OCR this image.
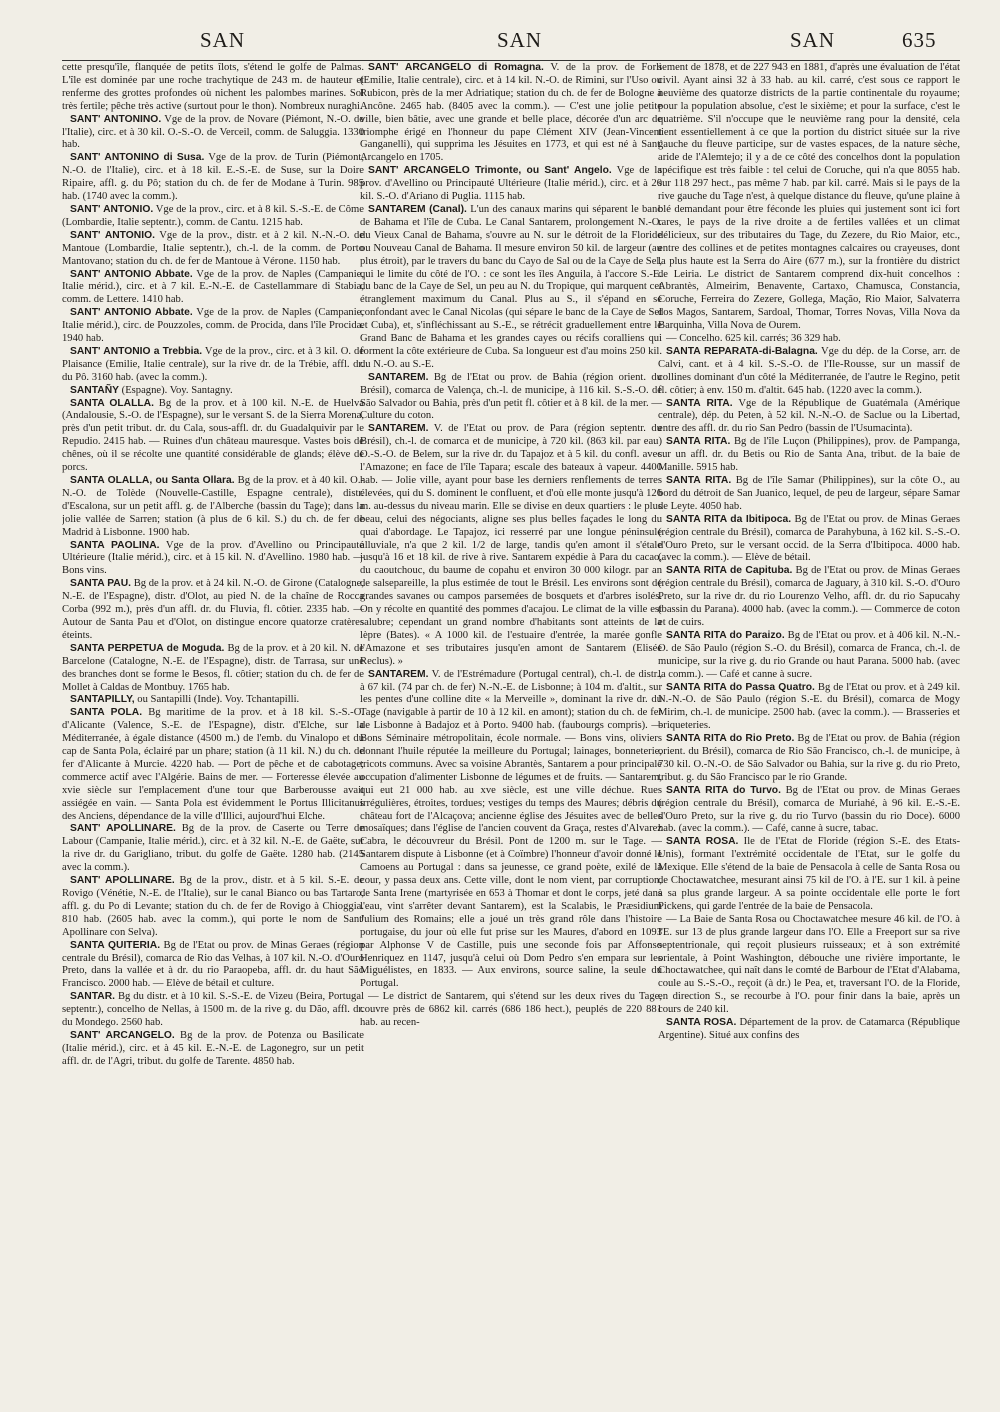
SAN	SAN	SAN	635

cette presqu'île, flanquée de petits îlots, s'étend le golfe de Palmas. L'île est dominée par une roche trachytique de 243 m. de hauteur et renferme des grottes profondes où nichent les palombes marines. Sol très fertile; pêche très active (surtout pour le thon). Nombreux nuraghi.

SANT' ANTONINO. Vge de la prov. de Novare (Piémont, N.-O. de l'Italie), circ. et à 30 kil. O.-S.-O. de Verceil, comm. de Saluggia. 1330 hab.

SANT' ANTONINO di Susa. Vge de la prov. de Turin (Piémont, N.-O. de l'Italie), circ. et à 18 kil. E.-S.-E. de Suse, sur la Doire Ripaire, affl. g. du Pô; station du ch. de fer de Modane à Turin. 985 hab. (1740 avec la comm.).

SANT' ANTONIO. Vge de la prov., circ. et à 8 kil. S.-S.-E. de Côme (Lombardie, Italie septentr.), comm. de Cantu. 1215 hab.

SANT' ANTONIO. Vge de la prov., distr. et à 2 kil. N.-N.-O. de Mantoue (Lombardie, Italie septentr.), ch.-l. de la comm. de Porto Mantovano; station du ch. de fer de Mantoue à Vérone. 1150 hab.

SANT' ANTONIO Abbate. Vge de la prov. de Naples (Campanie, Italie mérid.), circ. et à 7 kil. E.-N.-E. de Castellammare di Stabia, comm. de Lettere. 1410 hab.

SANT' ANTONIO Abbate. Vge de la prov. de Naples (Campanie, Italie mérid.), circ. de Pouzzoles, comm. de Procida, dans l'île Procida. 1940 hab.

SANT' ANTONIO a Trebbia. Vge de la prov., circ. et à 3 kil. O. de Plaisance (Emilie, Italie centrale), sur la rive dr. de la Trébie, affl. dr. du Pô. 3160 hab. (avec la comm.).

SANTAÑY (Espagne). Voy. Santagny.

SANTA OLALLA. Bg de la prov. et à 100 kil. N.-E. de Huelva (Andalousie, S.-O. de l'Espagne), sur le versant S. de la Sierra Morena, près d'un petit tribut. dr. du Cala, sous-affl. dr. du Guadalquivir par le Repudio. 2415 hab. — Ruines d'un château mauresque. Vastes bois de chênes, où il se récolte une quantité considérable de glands; élève de porcs.

SANTA OLALLA, ou Santa Ollara. Bg de la prov. et à 40 kil. O.-N.-O. de Tolède (Nouvelle-Castille, Espagne centrale), distr. d'Escalona, sur un petit affl. g. de l'Alberche (bassin du Tage); dans la jolie vallée de Sarren; station (à plus de 6 kil. S.) du ch. de fer de Madrid à Lisbonne. 1900 hab.

SANTA PAOLINA. Vge de la prov. d'Avellino ou Principauté Ultérieure (Italie mérid.), circ. et à 15 kil. N. d'Avellino. 1980 hab. — Bons vins.

SANTA PAU. Bg de la prov. et à 24 kil. N.-O. de Girone (Catalogne, N.-E. de l'Espagne), distr. d'Olot, au pied N. de la chaîne de Rocca Corba (992 m.), près d'un affl. dr. du Fluvia, fl. côtier. 2335 hab. — Autour de Santa Pau et d'Olot, on distingue encore quatorze cratères éteints.

SANTA PERPETUA de Moguda. Bg de la prov. et à 20 kil. N. de Barcelone (Catalogne, N.-E. de l'Espagne), distr. de Tarrasa, sur une des branches dont se forme le Besos, fl. côtier; station du ch. de fer de Mollet à Caldas de Montbuy. 1765 hab.

SANTAPILLY, ou Santapilli (Inde). Voy. Tchantapilli.

SANTA POLA. Bg maritime de la prov. et à 18 kil. S.-S.-O. d'Alicante (Valence, S.-E. de l'Espagne), distr. d'Elche, sur la Méditerranée, à égale distance (4500 m.) de l'emb. du Vinalopo et du cap de Santa Pola, éclairé par un phare; station (à 11 kil. N.) du ch. de fer d'Alicante à Murcie. 4220 hab. — Port de pêche et de cabotage; commerce actif avec l'Algérie. Bains de mer. — Forteresse élevée au xvie siècle sur l'emplacement d'une tour que Barberousse avait assiégée en vain. — Santa Pola est évidemment le Portus Illicitanus des Anciens, dépendance de la ville d'Illici, aujourd'hui Elche.

SANT' APOLLINARE. Bg de la prov. de Caserte ou Terre de Labour (Campanie, Italie mérid.), circ. et à 32 kil. N.-E. de Gaëte, sur la rive dr. du Garigliano, tribut. du golfe de Gaëte. 1280 hab. (2145 avec la comm.).

SANT' APOLLINARE. Bg de la prov., distr. et à 5 kil. S.-E. de Rovigo (Vénétie, N.-E. de l'Italie), sur le canal Bianco ou bas Tartaro, affl. g. du Po di Levante; station du ch. de fer de Rovigo à Chioggia. 810 hab. (2605 hab. avec la comm.), qui porte le nom de Sant' Apollinare con Selva).

SANTA QUITERIA. Bg de l'Etat ou prov. de Minas Geraes (région centrale du Brésil), comarca de Rio das Velhas, à 107 kil. N.-O. d'Ouro Preto, dans la vallée et à dr. du rio Paraopeba, affl. dr. du haut São Francisco. 2000 hab. — Elève de bétail et culture.

SANTAR. Bg du distr. et à 10 kil. S.-S.-E. de Vizeu (Beira, Portugal septentr.), concelho de Nellas, à 1500 m. de la rive g. du Dão, affl. dr. du Mondego. 2560 hab.

SANT' ARCANGELO. Bg de la prov. de Potenza ou Basilicate (Italie mérid.), circ. et à 45 kil. E.-N.-E. de Lagonegro, sur un petit affl. dr. de l'Agri, tribut. du golfe de Tarente. 4850 hab.

SANT' ARCANGELO di Romagna. V. de la prov. de Forlì (Emilie, Italie centrale), circ. et à 14 kil. N.-O. de Rimini, sur l'Uso ou Rubicon, près de la mer Adriatique; station du ch. de fer de Bologne à Ancône. 2465 hab. (8405 avec la comm.). — C'est une jolie petite ville, bien bâtie, avec une grande et belle place, décorée d'un arc de triomphe érigé en l'honneur du pape Clément XIV (Jean-Vincent Ganganelli), qui supprima les Jésuites en 1773, et qui est né à Sant' Arcangelo en 1705.

SANT' ARCANGELO Trimonte, ou Sant' Angelo. Vge de la prov. d'Avellino ou Principauté Ultérieure (Italie mérid.), circ. et à 20 kil. S.-O. d'Ariano di Puglia. 1115 hab.

SANTAREM (Canal). L'un des canaux marins qui séparent le banc de Bahama et l'île de Cuba. Le Canal Santarem, prolongement N.-O. du Vieux Canal de Bahama, s'ouvre au N. sur le détroit de la Floride ou Nouveau Canal de Bahama. Il mesure environ 50 kil. de largeur (au plus étroit), par le travers du banc du Cayo de Sal ou de la Caye de Sel, qui le limite du côté de l'O. : ce sont les îles Anguila, à l'accore S.-E. du banc de la Caye de Sel, un peu au N. du Tropique, qui marquent cet étranglement maximum du Canal. Plus au S., il s'épand en se confondant avec le Canal Nicolas (qui sépare le banc de la Caye de Sel et Cuba), et, s'infléchissant au S.-E., se rétrécit graduellement entre le Grand Banc de Bahama et les grandes cayes ou récifs coralliens qui forment la côte extérieure de Cuba. Sa longueur est d'au moins 250 kil. du N.-O. au S.-E.

SANTAREM. Bg de l'Etat ou prov. de Bahia (région orient. du Brésil), comarca de Valença, ch.-l. de municipe, à 116 kil. S.-S.-O. de São Salvador ou Bahia, près d'un petit fl. côtier et à 8 kil. de la mer. — Culture du coton.

SANTAREM. V. de l'Etat ou prov. de Para (région septentr. du Brésil), ch.-l. de comarca et de municipe, à 720 kil. (863 kil. par eau) O.-S.-O. de Belem, sur la rive dr. du Tapajoz et à 5 kil. du confl. avec l'Amazone; en face de l'île Tapara; escale des bateaux à vapeur. 4400 hab. — Jolie ville, ayant pour base les derniers renflements de terres élevées, qui du S. dominent le confluent, et d'où elle monte jusqu'à 126 m. au-dessus du niveau marin. Elle se divise en deux quartiers : le plus beau, celui des négociants, aligne ses plus belles façades le long du quai d'abordage. Le Tapajoz, ici resserré par une longue péninsule alluviale, n'a que 2 kil. 1/2 de large, tandis qu'en amont il s'étale jusqu'à 16 et 18 kil. de rive à rive. Santarem expédie à Para du cacao, du caoutchouc, du baume de copahu et environ 30 000 kilogr. par an de salsepareille, la plus estimée de tout le Brésil. Les environs sont de grandes savanes ou campos parsemées de bosquets et d'arbres isolés. On y récolte en quantité des pommes d'acajou. Le climat de la ville est salubre; cependant un grand nombre d'habitants sont atteints de la lèpre (Bates). « A 1000 kil. de l'estuaire d'entrée, la marée gonfle l'Amazone et ses tributaires jusqu'en amont de Santarem (Elisée Reclus). »

SANTAREM. V. de l'Estrémadure (Portugal central), ch.-l. de distr., à 67 kil. (74 par ch. de fer) N.-N.-E. de Lisbonne; à 104 m. d'altit., sur les pentes d'une colline dite « la Merveille », dominant la rive dr. du Tage (navigable à partir de 10 à 12 kil. en amont); station du ch. de fer de Lisbonne à Badajoz et à Porto. 9400 hab. (faubourgs compris). — Bons Séminaire métropolitain, école normale. — Bons vins, oliviers donnant l'huile réputée la meilleure du Portugal; lainages, bonneterie, tricots communs. Avec sa voisine Abrantès, Santarem a pour principale occupation d'alimenter Lisbonne de légumes et de fruits. — Santarem, qui eut 21 000 hab. au xve siècle, est une ville déchue. Rues irrégulières, étroites, tordues; vestiges du temps des Maures; débris du château fort de l'Alcaçova; ancienne église des Jésuites avec de belles mosaïques; dans l'église de l'ancien couvent da Graça, restes d'Alvarez Cabra, le découvreur du Brésil. Pont de 1200 m. sur le Tage. — Santarem dispute à Lisbonne (et à Coïmbre) l'honneur d'avoir donné le Camoens au Portugal : dans sa jeunesse, ce grand poète, exilé de la cour, y passa deux ans. Cette ville, dont le nom vient, par corruption, de Santa Irene (martyrisée en 653 à Thomar et dont le corps, jeté dans l'eau, vint s'arrêter devant Santarem), est la Scalabis, le Præsidium Julium des Romains; elle a joué un très grand rôle dans l'histoire portugaise, du jour où elle fut prise sur les Maures, d'abord en 1093 par Alphonse V de Castille, puis une seconde fois par Affonso Henriquez en 1147, jusqu'à celui où Dom Pedro s'en empara sur les Miguélistes, en 1833. — Aux environs, source saline, la seule du Portugal.

— Le district de Santarem, qui s'étend sur les deux rives du Tage, couvre près de 6862 kil. carrés (686 186 hect.), peuplés de 220 881 hab. au recen-

sement de 1878, et de 227 943 en 1881, d'après une évaluation de l'état civil. Ayant ainsi 32 à 33 hab. au kil. carré, c'est sous ce rapport le neuvième des quatorze districts de la partie continentale du royaume; pour la population absolue, c'est le sixième; et pour la surface, c'est le quatrième. S'il n'occupe que le neuvième rang pour la densité, cela tient essentiellement à ce que la portion du district située sur la rive gauche du fleuve participe, sur de vastes espaces, de la nature sèche, aride de l'Alemtejo; il y a de ce côté des concelhos dont la population spécifique est très faible : tel celui de Coruche, qui n'a que 8055 hab. sur 118 297 hect., pas même 7 hab. par kil. carré. Mais si le pays de la rive gauche du Tage n'est, à quelque distance du fleuve, qu'une plaine à blé demandant pour être féconde les pluies qui justement sont ici fort rares, le pays de la rive droite a de fertiles vallées et un climat délicieux, sur des tributaires du Tage, du Zezere, du Rio Maior, etc., entre des collines et de petites montagnes calcaires ou crayeuses, dont la plus haute est la Serra do Aire (677 m.), sur la frontière du district de Leiria. Le district de Santarem comprend dix-huit concelhos : Abrantès, Almeirim, Benavente, Cartaxo, Chamusca, Constancia, Coruche, Ferreira do Zezere, Gollega, Mação, Rio Maior, Salvaterra dos Magos, Santarem, Sardoal, Thomar, Torres Novas, Villa Nova da Barquinha, Villa Nova de Ourem.

— Concelho. 625 kil. carrés; 36 329 hab.

SANTA REPARATA-di-Balagna. Vge du dép. de la Corse, arr. de Calvi, cant. et à 4 kil. S.-S.-O. de l'Ile-Rousse, sur un massif de collines dominant d'un côté la Méditerranée, de l'autre le Regino, petit fl. côtier; à env. 150 m. d'altit. 645 hab. (1220 avec la comm.).

SANTA RITA. Vge de la République de Guatémala (Amérique centrale), dép. du Peten, à 52 kil. N.-N.-O. de Saclue ou la Libertad, entre des affl. dr. du rio San Pedro (bassin de l'Usumacinta).

SANTA RITA. Bg de l'île Luçon (Philippines), prov. de Pampanga, sur un affl. dr. du Betis ou Rio de Santa Ana, tribut. de la baie de Manille. 5915 hab.

SANTA RITA. Bg de l'île Samar (Philippines), sur la côte O., au bord du détroit de San Juanico, lequel, de peu de largeur, sépare Samar de Leyte. 4050 hab.

SANTA RITA da Ibitipoca. Bg de l'Etat ou prov. de Minas Geraes (région centrale du Brésil), comarca de Parahybuna, à 162 kil. S.-S.-O. d'Ouro Preto, sur le versant occid. de la Serra d'Ibitipoca. 4000 hab. (avec la comm.). — Elève de bétail.

SANTA RITA de Capituba. Bg de l'Etat ou prov. de Minas Geraes (région centrale du Brésil), comarca de Jaguary, à 310 kil. S.-O. d'Ouro Preto, sur la rive dr. du rio Lourenzo Velho, affl. dr. du rio Sapucahy (bassin du Parana). 4000 hab. (avec la comm.). — Commerce de coton et de cuirs.

SANTA RITA do Paraizo. Bg de l'Etat ou prov. et à 406 kil. N.-N.-O. de São Paulo (région S.-O. du Brésil), comarca de Franca, ch.-l. de municipe, sur la rive g. du rio Grande ou haut Parana. 5000 hab. (avec la comm.). — Café et canne à sucre.

SANTA RITA do Passa Quatro. Bg de l'Etat ou prov. et à 249 kil. N.-N.-O. de São Paulo (région S.-E. du Brésil), comarca de Mogy Mirim, ch.-l. de municipe. 2500 hab. (avec la comm.). — Brasseries et briqueteries.

SANTA RITA do Rio Preto. Bg de l'Etat ou prov. de Bahia (région orient. du Brésil), comarca de Rio São Francisco, ch.-l. de municipe, à 730 kil. O.-N.-O. de São Salvador ou Bahia, sur la rive g. du rio Preto, tribut. g. du São Francisco par le rio Grande.

SANTA RITA do Turvo. Bg de l'Etat ou prov. de Minas Geraes (région centrale du Brésil), comarca de Muriahé, à 96 kil. E.-S.-E. d'Ouro Preto, sur la rive g. du rio Turvo (bassin du rio Doce). 6000 hab. (avec la comm.). — Café, canne à sucre, tabac.

SANTA ROSA. Ile de l'Etat de Floride (région S.-E. des Etats-Unis), formant l'extrémité occidentale de l'Etat, sur le golfe du Mexique. Elle s'étend de la baie de Pensacola à celle de Santa Rosa ou de Choctawatchee, mesurant ainsi 75 kil de l'O. à l'E. sur 1 kil. à peine à sa plus grande largeur. A sa pointe occidentale elle porte le fort Pickens, qui garde l'entrée de la baie de Pensacola.

— La Baie de Santa Rosa ou Choctawatchee mesure 46 kil. de l'O. à l'E. sur 13 de plus grande largeur dans l'O. Elle a Freeport sur sa rive septentrionale, qui reçoit plusieurs ruisseaux; et à son extrémité orientale, à Point Washington, débouche une rivière importante, le Choctawatchee, qui naît dans le comté de Barbour de l'Etat d'Alabama, coule au S.-S.-O., reçoit (à dr.) le Pea, et, traversant l'O. de la Floride, en direction S., se recourbe à l'O. pour finir dans la baie, après un cours de 240 kil.

SANTA ROSA. Département de la prov. de Catamarca (République Argentine). Situé aux confins des
